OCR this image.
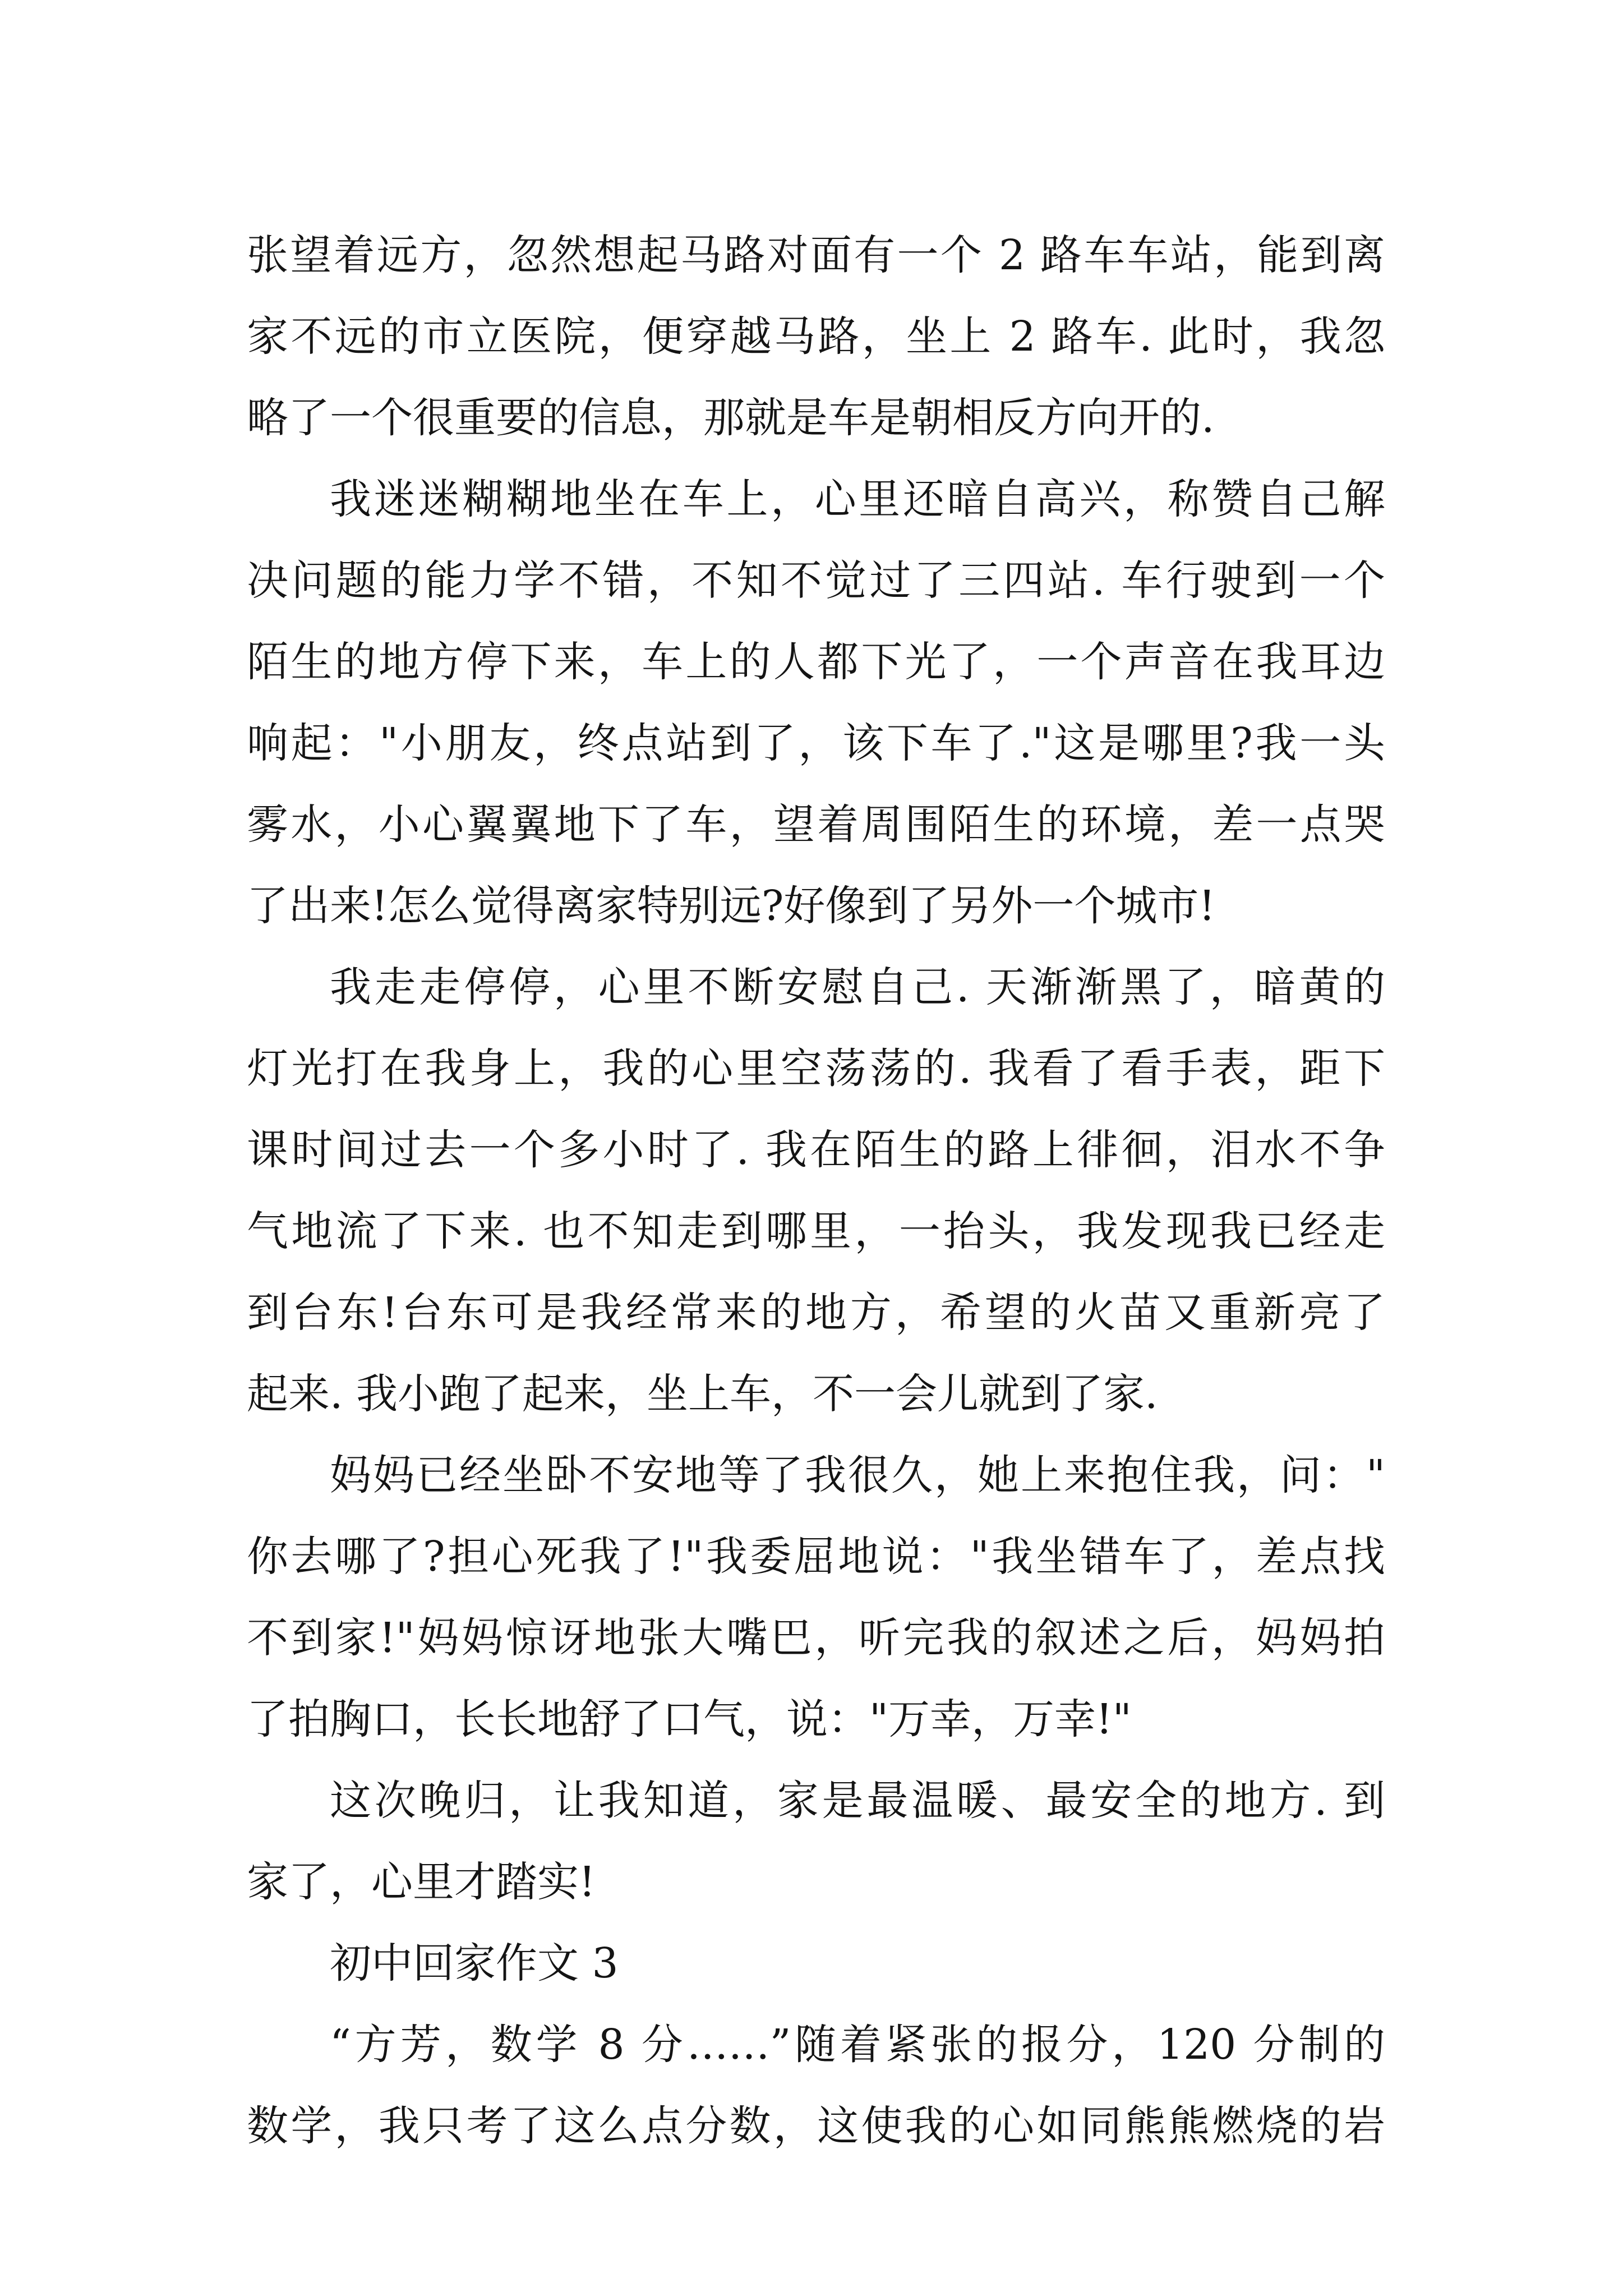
张望着远方，忽然想起马路对面有一个 2 路车车站，能到离

家不远的市立医院，便穿越马路，坐上 2 路车. 此时，我忽

略了一个很重要的信息，那就是车是朝相反方向开的.

我迷迷糊糊地坐在车上，心里还暗自高兴，称赞自己解

决问题的能力学不错，不知不觉过了三四站. 车行驶到一个

陌生的地方停下来，车上的人都下光了，一个声音在我耳边

响起："小朋友，终点站到了，该下车了."这是哪里?我一头

雾水，小心翼翼地下了车，望着周围陌生的环境，差一点哭

了出来!怎么觉得离家特别远?好像到了另外一个城市!

我走走停停，心里不断安慰自己. 天渐渐黑了，暗黄的

灯光打在我身上，我的心里空荡荡的. 我看了看手表，距下

课时间过去一个多小时了. 我在陌生的路上徘徊，泪水不争

气地流了下来. 也不知走到哪里，一抬头，我发现我已经走

到台东!台东可是我经常来的地方，希望的火苗又重新亮了

起来. 我小跑了起来，坐上车，不一会儿就到了家.

妈妈已经坐卧不安地等了我很久，她上来抱住我，问："

你去哪了?担心死我了!"我委屈地说："我坐错车了，差点找

不到家!"妈妈惊讶地张大嘴巴，听完我的叙述之后，妈妈拍

了拍胸口，长长地舒了口气，说："万幸，万幸!"

这次晚归，让我知道，家是最温暖、最安全的地方. 到

家了，心里才踏实!

初中回家作文 3

“方芳，数学 8 分……”随着紧张的报分，120 分制的

数学，我只考了这么点分数，这使我的心如同熊熊燃烧的岩
